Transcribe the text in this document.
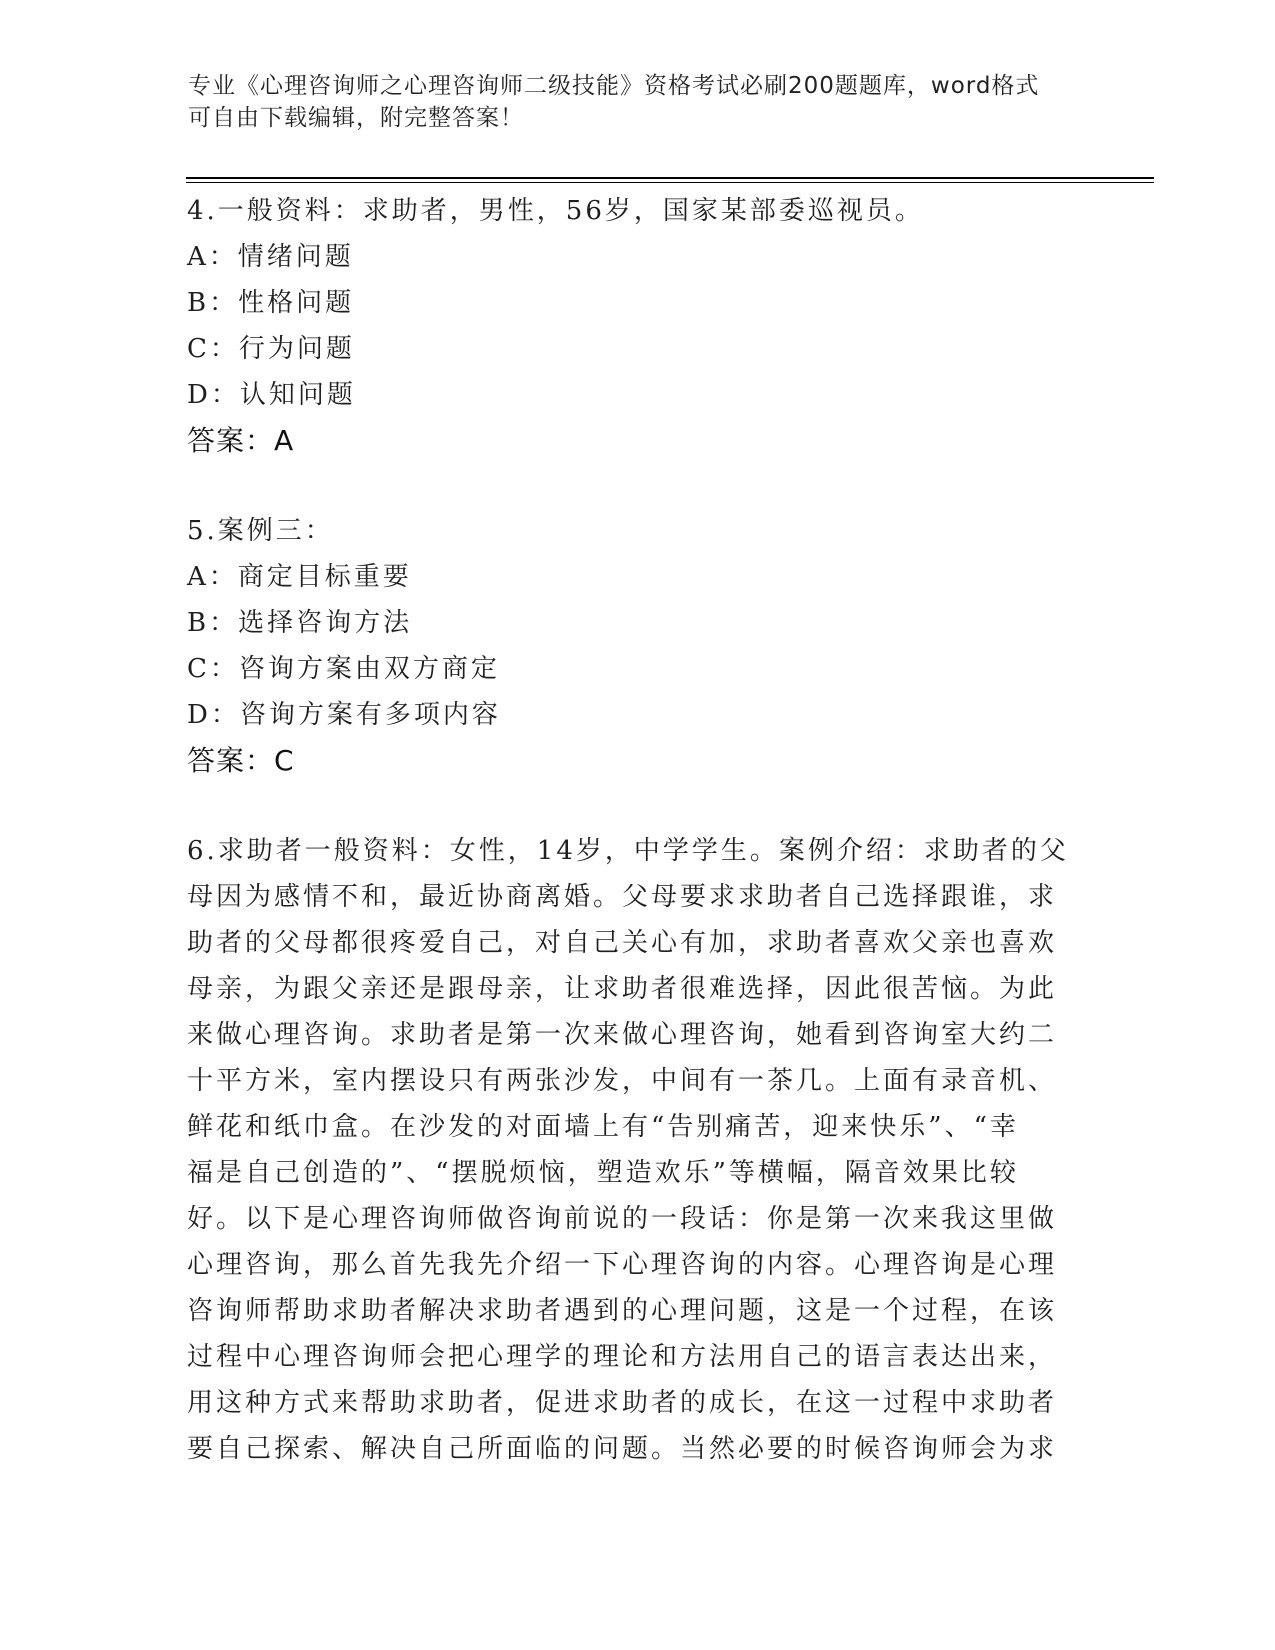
专业《心理咨询师之心理咨询师二级技能》资格考试必刷200题题库，word格式
可自由下载编辑，附完整答案！
4.一般资料：求助者，男性，56岁，国家某部委巡视员。
A：情绪问题
B：性格问题
C：行为问题
D：认知问题
答案：A
5.案例三：
A：商定目标重要
B：选择咨询方法
C：咨询方案由双方商定
D：咨询方案有多项内容
答案：C
6.求助者一般资料：女性，14岁，中学学生。案例介绍：求助者的父
母因为感情不和，最近协商离婚。父母要求求助者自己选择跟谁，求
助者的父母都很疼爱自己，对自己关心有加，求助者喜欢父亲也喜欢
母亲，为跟父亲还是跟母亲，让求助者很难选择，因此很苦恼。为此
来做心理咨询。求助者是第一次来做心理咨询，她看到咨询室大约二
十平方米，室内摆设只有两张沙发，中间有一茶几。上面有录音机、
鲜花和纸巾盒。在沙发的对面墙上有“告别痛苦，迎来快乐”、“幸
福是自己创造的”、“摆脱烦恼，塑造欢乐”等横幅，隔音效果比较
好。以下是心理咨询师做咨询前说的一段话：你是第一次来我这里做
心理咨询，那么首先我先介绍一下心理咨询的内容。心理咨询是心理
咨询师帮助求助者解决求助者遇到的心理问题，这是一个过程，在该
过程中心理咨询师会把心理学的理论和方法用自己的语言表达出来，
用这种方式来帮助求助者，促进求助者的成长，在这一过程中求助者
要自己探索、解决自己所面临的问题。当然必要的时候咨询师会为求
